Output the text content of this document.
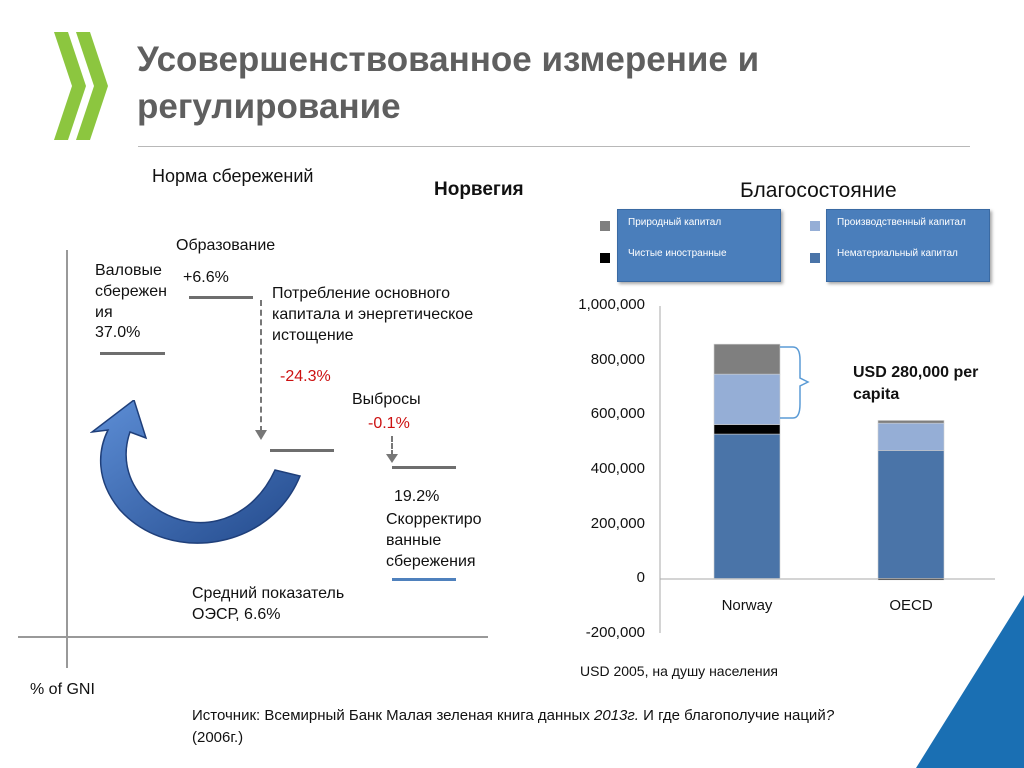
Усовершенствованное измерение и регулирование
Норма сбережений
Образование
+6.6%
Валовые сбережен ия
37.0%
Потребление основного капитала и энергетическое истощение
-24.3%
Выбросы
-0.1%
19.2%
Скорректиро ванные сбережения
Средний показатель ОЭСР, 6.6%
% of GNI
Норвегия	Благосостояние
Природный капитал
Чистые иностранные
Производственный капитал
Нематериальный капитал
1,000,000
800,000
600,000
400,000
200,000
0
-200,000
Norway	OECD
USD 280,000 per capita
USD 2005, на душу населения
Источник: Всемирный Банк Малая зеленая книга данных 2013г. И где благополучие наций?
(2006г.)
